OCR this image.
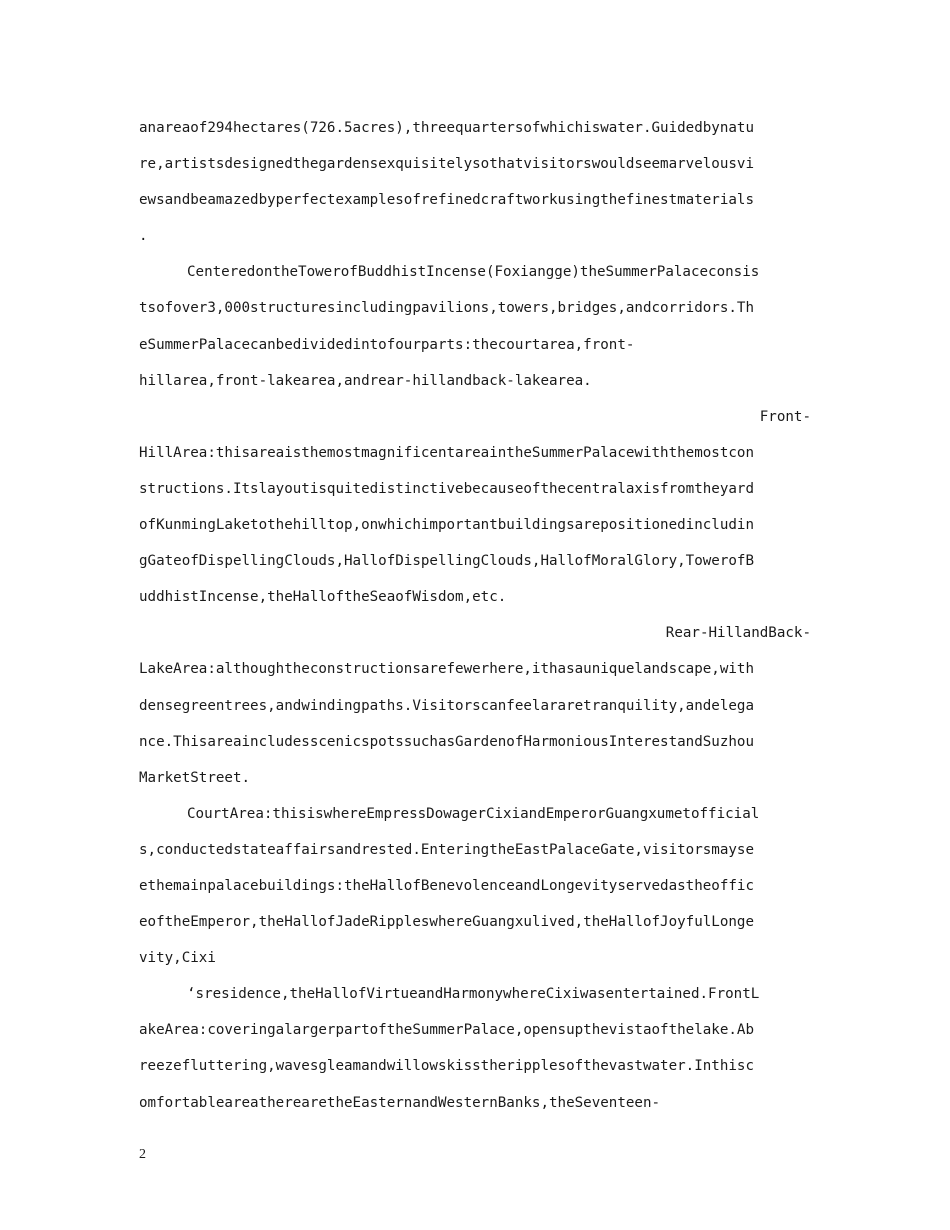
anareaof294hectares(726.5acres),threequartersofwhichiswater.Guidedbynatu
re,artistsdesignedthegardensexquisitelysothatvisitorswouldseemarvelousvi
ewsandbeamazedbyperfectexamplesofrefinedcraftworkusingthefinestmaterials
.
CenteredontheTowerofBuddhistIncense(Foxiangge)theSummerPalaceconsis
tsofover3,000structuresincludingpavilions,towers,bridges,andcorridors.Th
eSummerPalacecanbedividedintofourparts:thecourtarea,front-
hillarea,front-lakearea,andrear-hillandback-lakearea.
Front-
HillArea:thisareaisthemostmagnificentareaintheSummerPalacewiththemostcon
structions.Itslayoutisquitedistinctivebecauseofthecentralaxisfromtheyard
ofKunmingLaketothehilltop,onwhichimportantbuildingsarepositionedincludin
gGateofDispellingClouds,HallofDispellingClouds,HallofMoralGlory,TowerofB
uddhistIncense,theHalloftheSeaofWisdom,etc.
Rear-HillandBack-
LakeArea:althoughtheconstructionsarefewerhere,ithasauniquelandscape,with
densegreentrees,andwindingpaths.Visitorscanfeelararetranquility,andelega
nce.ThisareaincludesscenicspotssuchasGardenofHarmoniousInterestandSuzhou
MarketStreet.
CourtArea:thisiswhereEmpressDowagerCixiandEmperorGuangxumetofficial
s,conductedstateaffairsandrested.EnteringtheEastPalaceGate,visitorsmayse
ethemainpalacebuildings:theHallofBenevolenceandLongevityservedastheoffic
eoftheEmperor,theHallofJadeRippleswhereGuangxulived,theHallofJoyfulLonge
vity,Cixi
‘sresidence,theHallofVirtueandHarmonywhereCixiwasentertained.FrontL
akeArea:coveringalargerpartoftheSummerPalace,opensupthevistaofthelake.Ab
reezefluttering,wavesgleamandwillowskisstheripplesofthevastwater.Inthisc
omfortableareatherearetheEasternandWesternBanks,theSeventeen-
2
